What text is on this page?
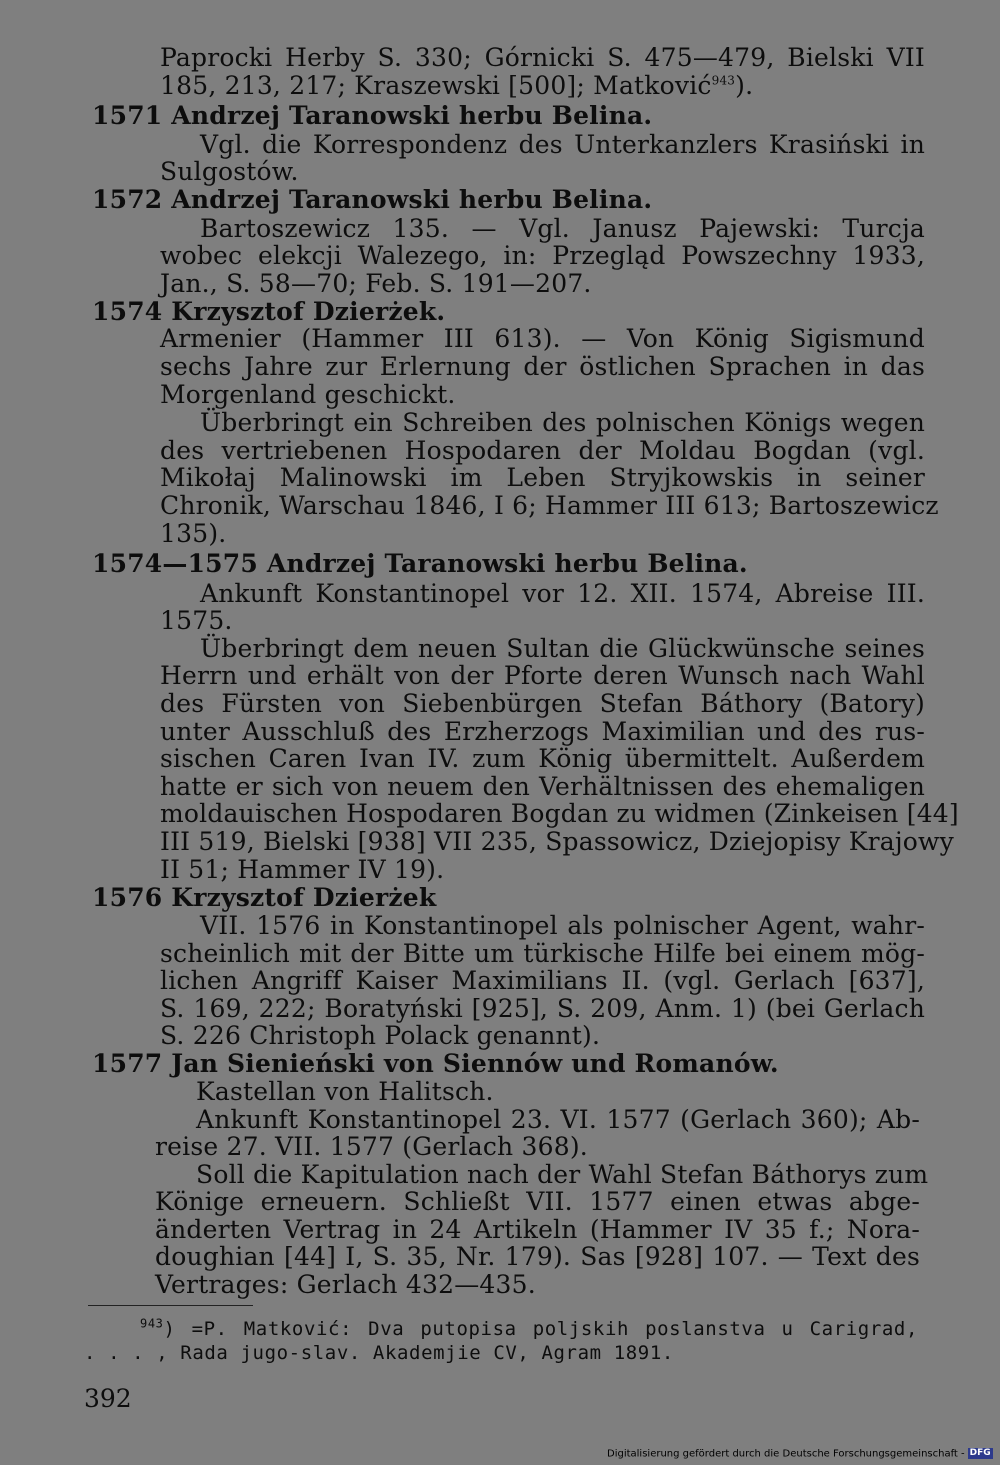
Paprocki Herby S. 330; Górnicki S. 475—479, Bielski VII
185, 213, 217; Kraszewski [500]; Matković$^{943}$).
1571 Andrzej Taranowski herbu Belina.
Vgl. die Korrespondenz des Unterkanzlers Krasiński in
Sulgostów.
1572 Andrzej Taranowski herbu Belina.
Bartoszewicz 135. — Vgl. Janusz Pajewski: Turcja
wobec elekcji Walezego, in: Przegląd Powszechny 1933,
Jan., S. 58—70; Feb. S. 191—207.
1574 Krzysztof Dzierżek.
Armenier (Hammer III 613). — Von König Sigismund
sechs Jahre zur Erlernung der östlichen Sprachen in das
Morgenland geschickt.
Überbringt ein Schreiben des polnischen Königs wegen
des vertriebenen Hospodaren der Moldau Bogdan (vgl.
Mikołaj Malinowski im Leben Stryjkowskis in seiner
Chronik, Warschau 1846, I 6; Hammer III 613; Bartoszewicz
135).
1574—1575 Andrzej Taranowski herbu Belina.
Ankunft Konstantinopel vor 12. XII. 1574, Abreise III.
1575.
Überbringt dem neuen Sultan die Glückwünsche seines
Herrn und erhält von der Pforte deren Wunsch nach Wahl
des Fürsten von Siebenbürgen Stefan Báthory (Batory)
unter Ausschluß des Erzherzogs Maximilian und des rus-
sischen Caren Ivan IV. zum König übermittelt. Außerdem
hatte er sich von neuem den Verhältnissen des ehemaligen
moldauischen Hospodaren Bogdan zu widmen (Zinkeisen [44]
III 519, Bielski [938] VII 235, Spassowicz, Dziejopisy Krajowy
II 51; Hammer IV 19).
1576 Krzysztof Dzierżek
VII. 1576 in Konstantinopel als polnischer Agent, wahr-
scheinlich mit der Bitte um türkische Hilfe bei einem mög-
lichen Angriff Kaiser Maximilians II. (vgl. Gerlach [637],
S. 169, 222; Boratyński [925], S. 209, Anm. 1) (bei Gerlach
S. 226 Christoph Polack genannt).
1577 Jan Sienieński von Siennów und Romanów.
Kastellan von Halitsch.
Ankunft Konstantinopel 23. VI. 1577 (Gerlach 360); Ab-
reise 27. VII. 1577 (Gerlach 368).
Soll die Kapitulation nach der Wahl Stefan Báthorys zum
Könige erneuern. Schließt VII. 1577 einen etwas abge-
änderten Vertrag in 24 Artikeln (Hammer IV 35 f.; Nora-
doughian [44] I, S. 35, Nr. 179). Sas [928] 107. — Text des
Vertrages: Gerlach 432—435.
$^{943}$) =P. Matković: Dva putopisa poljskih poslanstva u Carigrad,
. . . , Rada jugo-slav. Akademjie CV, Agram 1891.
392
Digitalisierung gefördert durch die Deutsche Forschungsgemeinschaft - DFG
